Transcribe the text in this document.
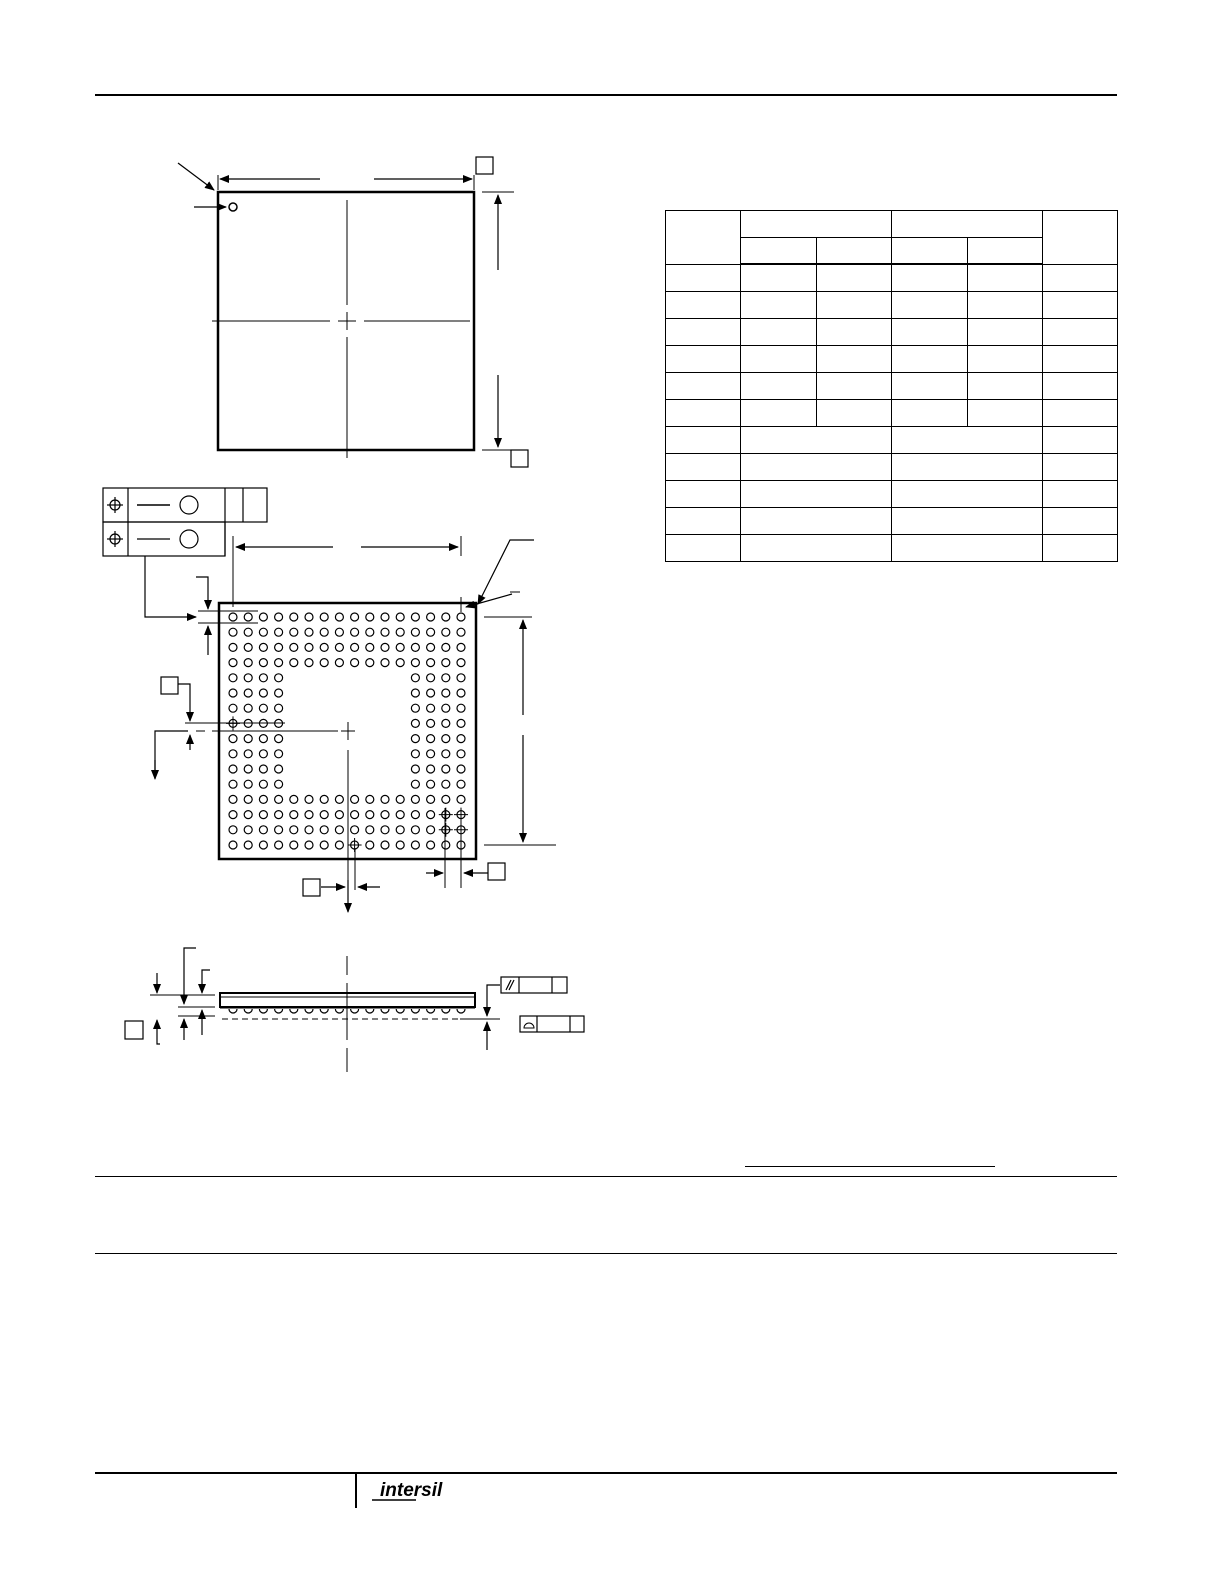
intersil
